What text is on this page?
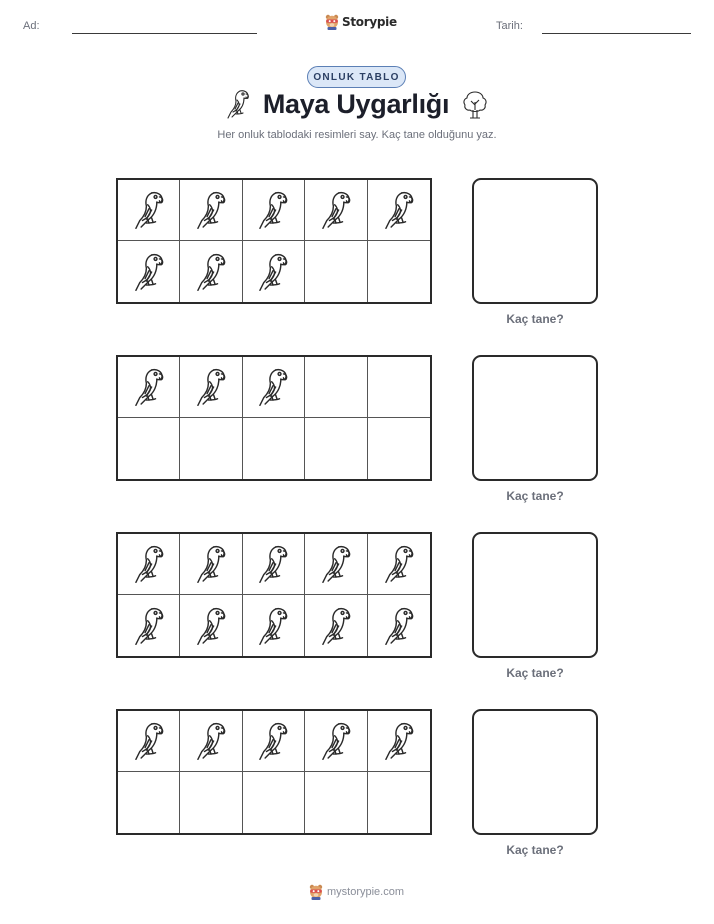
Ad:	Storypie	Tarih:
ONLUK TABLO
Maya Uygarlığı
Her onluk tablodaki resimleri say. Kaç tane olduğunu yaz.
Kaç tane?
Kaç tane?
Kaç tane?
Kaç tane?
mystorypie.com
